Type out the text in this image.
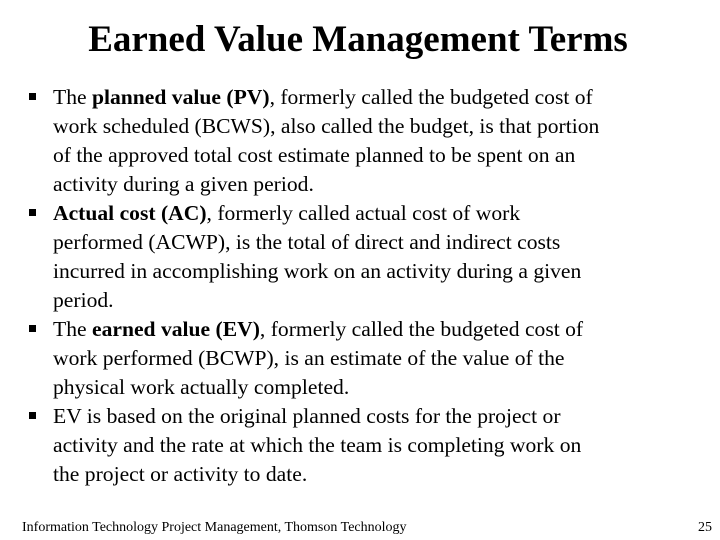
Earned Value Management Terms
The planned value (PV), formerly called the budgeted cost of
work scheduled (BCWS), also called the budget, is that portion
of the approved total cost estimate planned to be spent on an
activity during a given period.
Actual cost (AC), formerly called actual cost of work
performed (ACWP), is the total of direct and indirect costs
incurred in accomplishing work on an activity during a given
period.
The earned value (EV), formerly called the budgeted cost of
work performed (BCWP), is an estimate of the value of the
physical work actually completed.
EV is based on the original planned costs for the project or
activity and the rate at which the team is completing work on
the project or activity to date.
Information Technology Project Management, Thomson Technology	25
